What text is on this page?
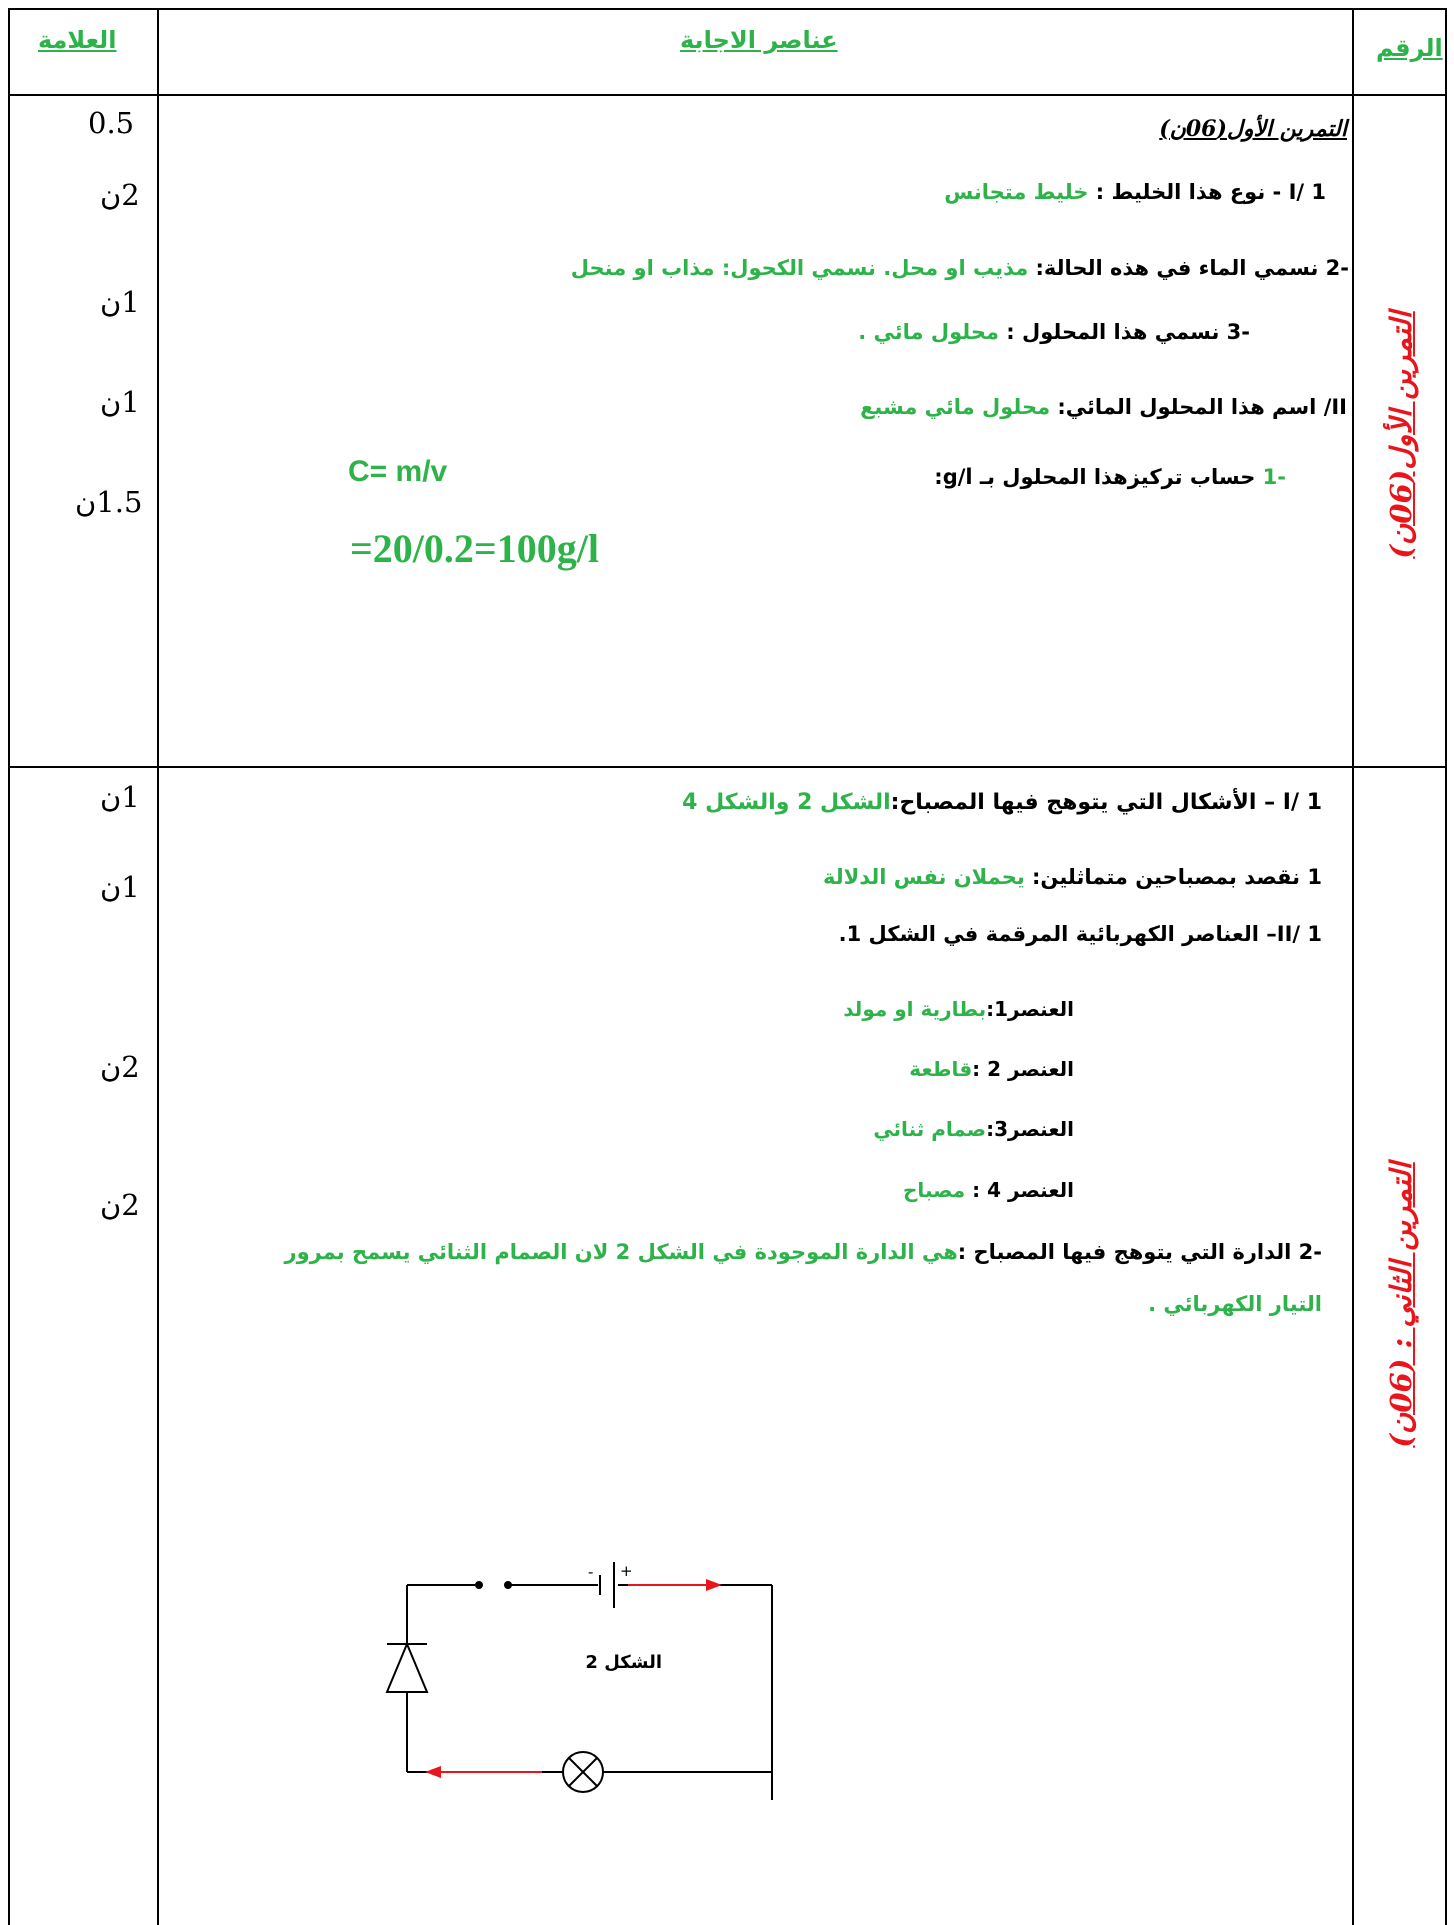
العلامة	عناصر الاجابة	الرقم
التمرين الأول(06ن)
0.5
2ن
1ن
1ن
1.5ن
التمرين الأول(06ن)
1 /I - نوع هذا الخليط : خليط متجانس
-2 نسمي الماء في هذه الحالة: مذيب او محل. نسمي الكحول: مذاب او منحل
-3 نسمي هذا المحلول : محلول مائي .
II/ اسم هذا المحلول المائي: محلول مائي مشبع
-1 حساب تركيزهذا المحلول بـ g/l:
C= m/v
=20/0.2=100g/l
التمرين الثاني : (06ن)
1ن
1ن
2ن
2ن
1 /I – الأشكال التي يتوهج فيها المصباح:الشكل 2 والشكل 4
1 نقصد بمصباحين متماثلين: يحملان نفس الدلالة
1 /II– العناصر الكهربائية المرقمة في الشكل 1.
العنصر1:بطارية او مولد
العنصر 2 :قاطعة
العنصر3:صمام ثنائي
العنصر 4 : مصباح
-2 الدارة التي يتوهج فيها المصباح :هي الدارة الموجودة في الشكل 2 لان الصمام الثنائي يسمح بمرور
التيار الكهربائي .
- +
الشكل 2
